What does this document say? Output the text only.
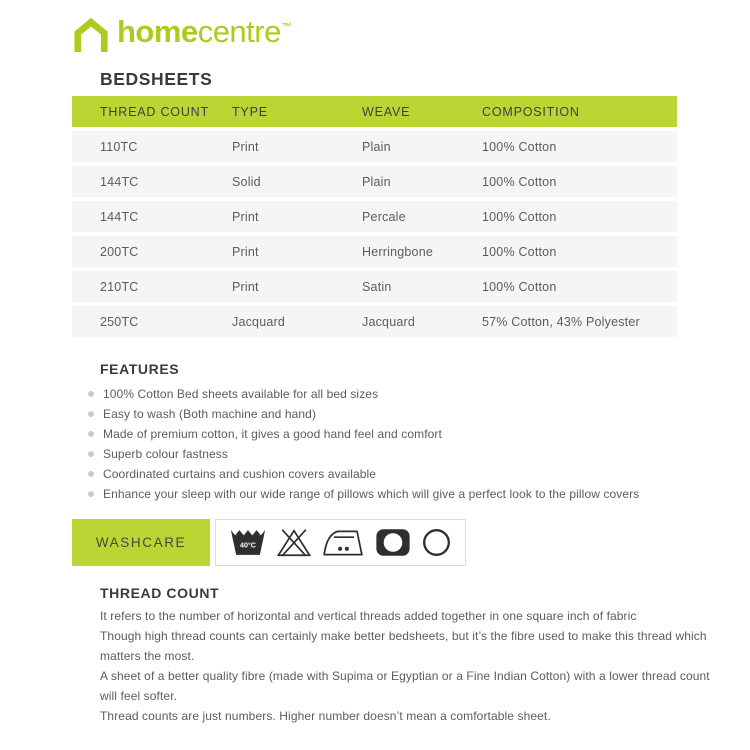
homecentre™
BEDSHEETS
THREAD COUNT	TYPE	WEAVE	COMPOSITION
110TC	Print	Plain	100% Cotton
144TC	Solid	Plain	100% Cotton
144TC	Print	Percale	100% Cotton
200TC	Print	Herringbone	100% Cotton
210TC	Print	Satin	100% Cotton
250TC	Jacquard	Jacquard	57% Cotton, 43% Polyester
FEATURES
100% Cotton Bed sheets available for all bed sizes
Easy to wash (Both machine and hand)
Made of premium cotton, it gives a good hand feel and comfort
Superb colour fastness
Coordinated curtains and cushion covers available
Enhance your sleep with our wide range of pillows which will give a perfect look to the pillow covers
WASHCARE	40°C
THREAD COUNT

It refers to the number of horizontal and vertical threads added together in one square inch of fabric

Though high thread counts can certainly make better bedsheets, but it’s the fibre used to make this thread which matters the most.

A sheet of a better quality fibre (made with Supima or Egyptian or a Fine Indian Cotton) with a lower thread count will feel softer.

Thread counts are just numbers. Higher number doesn’t mean a comfortable sheet.
